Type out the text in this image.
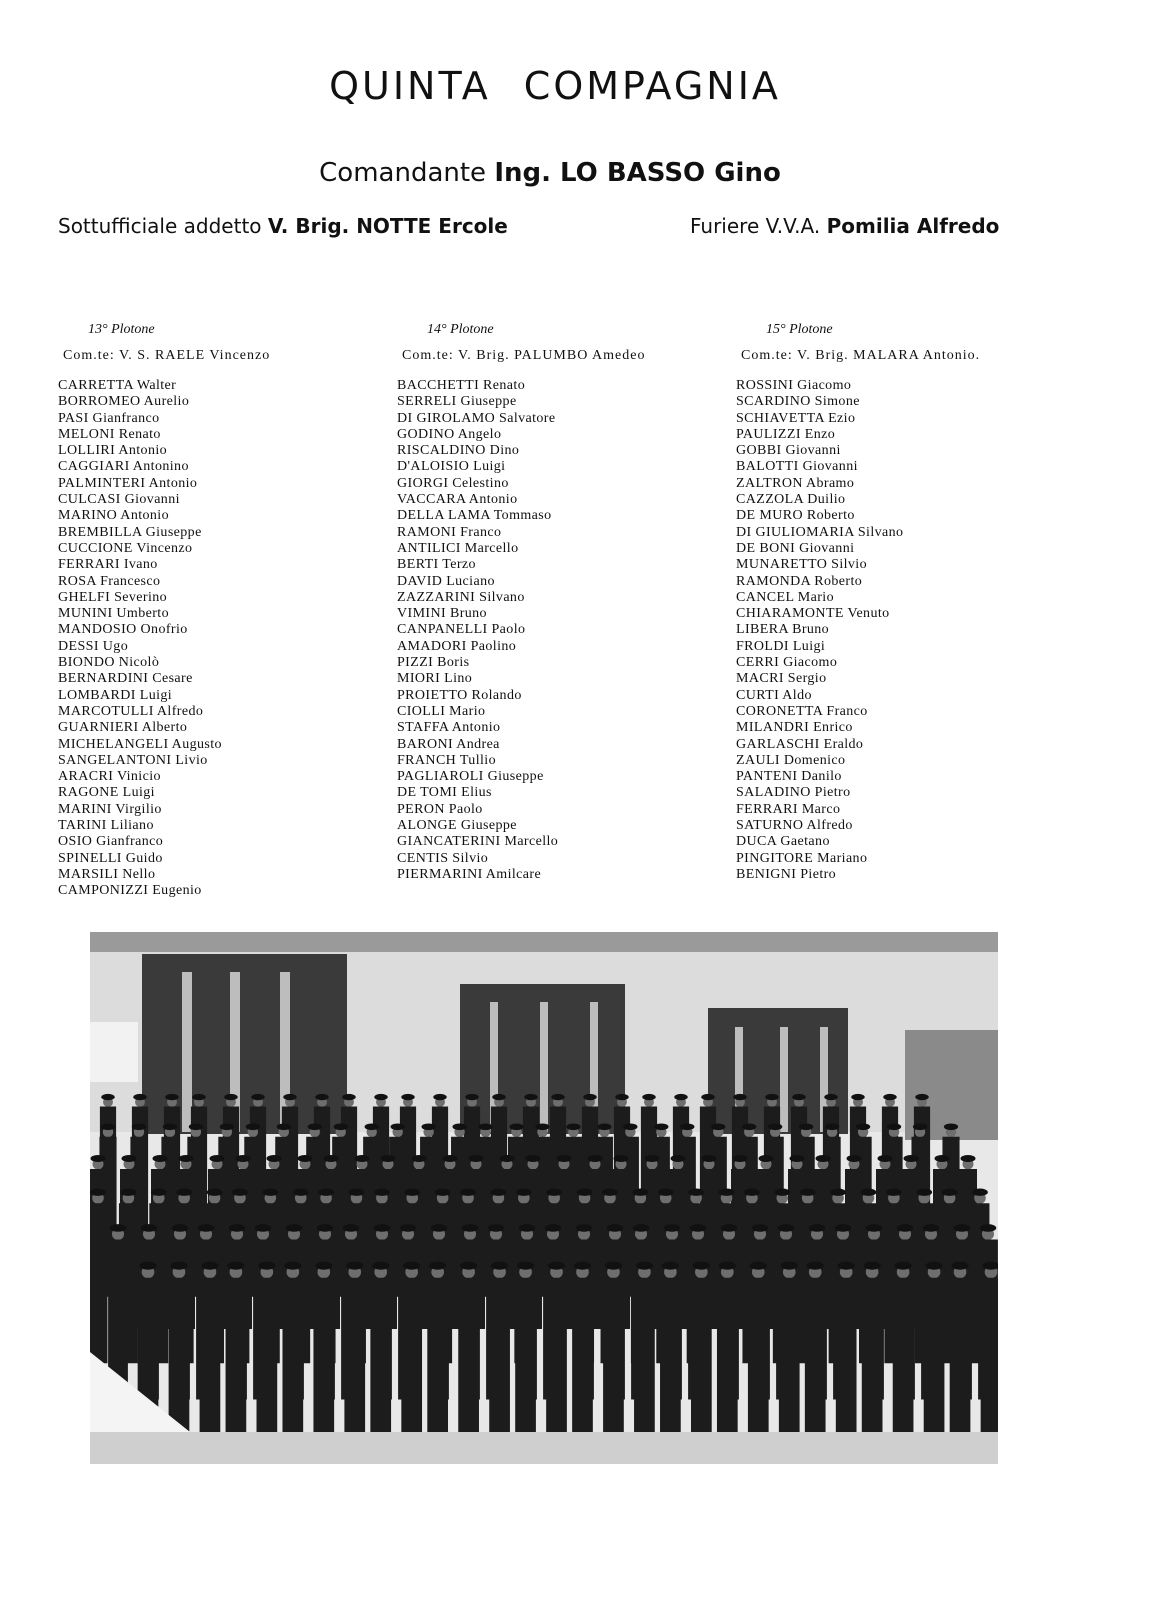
QUINTA COMPAGNIA
Comandante Ing. LO BASSO Gino
Sottufficiale addetto V. Brig. NOTTE Ercole	Furiere V.V.A. Pomilia Alfredo
13° Plotone
Com.te: V. S. RAELE Vincenzo
CARRETTA Walter
BORROMEO Aurelio
PASI Gianfranco
MELONI Renato
LOLLIRI Antonio
CAGGIARI Antonino
PALMINTERI Antonio
CULCASI Giovanni
MARINO Antonio
BREMBILLA Giuseppe
CUCCIONE Vincenzo
FERRARI Ivano
ROSA Francesco
GHELFI Severino
MUNINI Umberto
MANDOSIO Onofrio
DESSI Ugo
BIONDO Nicolò
BERNARDINI Cesare
LOMBARDI Luigi
MARCOTULLI Alfredo
GUARNIERI Alberto
MICHELANGELI Augusto
SANGELANTONI Livio
ARACRI Vinicio
RAGONE Luigi
MARINI Virgilio
TARINI Liliano
OSIO Gianfranco
SPINELLI Guido
MARSILI Nello
CAMPONIZZI Eugenio
14° Plotone
Com.te: V. Brig. PALUMBO Amedeo
BACCHETTI Renato
SERRELI Giuseppe
DI GIROLAMO Salvatore
GODINO Angelo
RISCALDINO Dino
D'ALOISIO Luigi
GIORGI Celestino
VACCARA Antonio
DELLA LAMA Tommaso
RAMONI Franco
ANTILICI Marcello
BERTI Terzo
DAVID Luciano
ZAZZARINI Silvano
VIMINI Bruno
CANPANELLI Paolo
AMADORI Paolino
PIZZI Boris
MIORI Lino
PROIETTO Rolando
CIOLLI Mario
STAFFA Antonio
BARONI Andrea
FRANCH Tullio
PAGLIAROLI Giuseppe
DE TOMI Elius
PERON Paolo
ALONGE Giuseppe
GIANCATERINI Marcello
CENTIS Silvio
PIERMARINI Amilcare
15° Plotone
Com.te: V. Brig. MALARA Antonio.
ROSSINI Giacomo
SCARDINO Simone
SCHIAVETTA Ezio
PAULIZZI Enzo
GOBBI Giovanni
BALOTTI Giovanni
ZALTRON Abramo
CAZZOLA Duilio
DE MURO Roberto
DI GIULIOMARIA Silvano
DE BONI Giovanni
MUNARETTO Silvio
RAMONDA Roberto
CANCEL Mario
CHIARAMONTE Venuto
LIBERA Bruno
FROLDI Luigi
CERRI Giacomo
MACRI Sergio
CURTI Aldo
CORONETTA Franco
MILANDRI Enrico
GARLASCHI Eraldo
ZAULI Domenico
PANTENI Danilo
SALADINO Pietro
FERRARI Marco
SATURNO Alfredo
DUCA Gaetano
PINGITORE Mariano
BENIGNI Pietro
